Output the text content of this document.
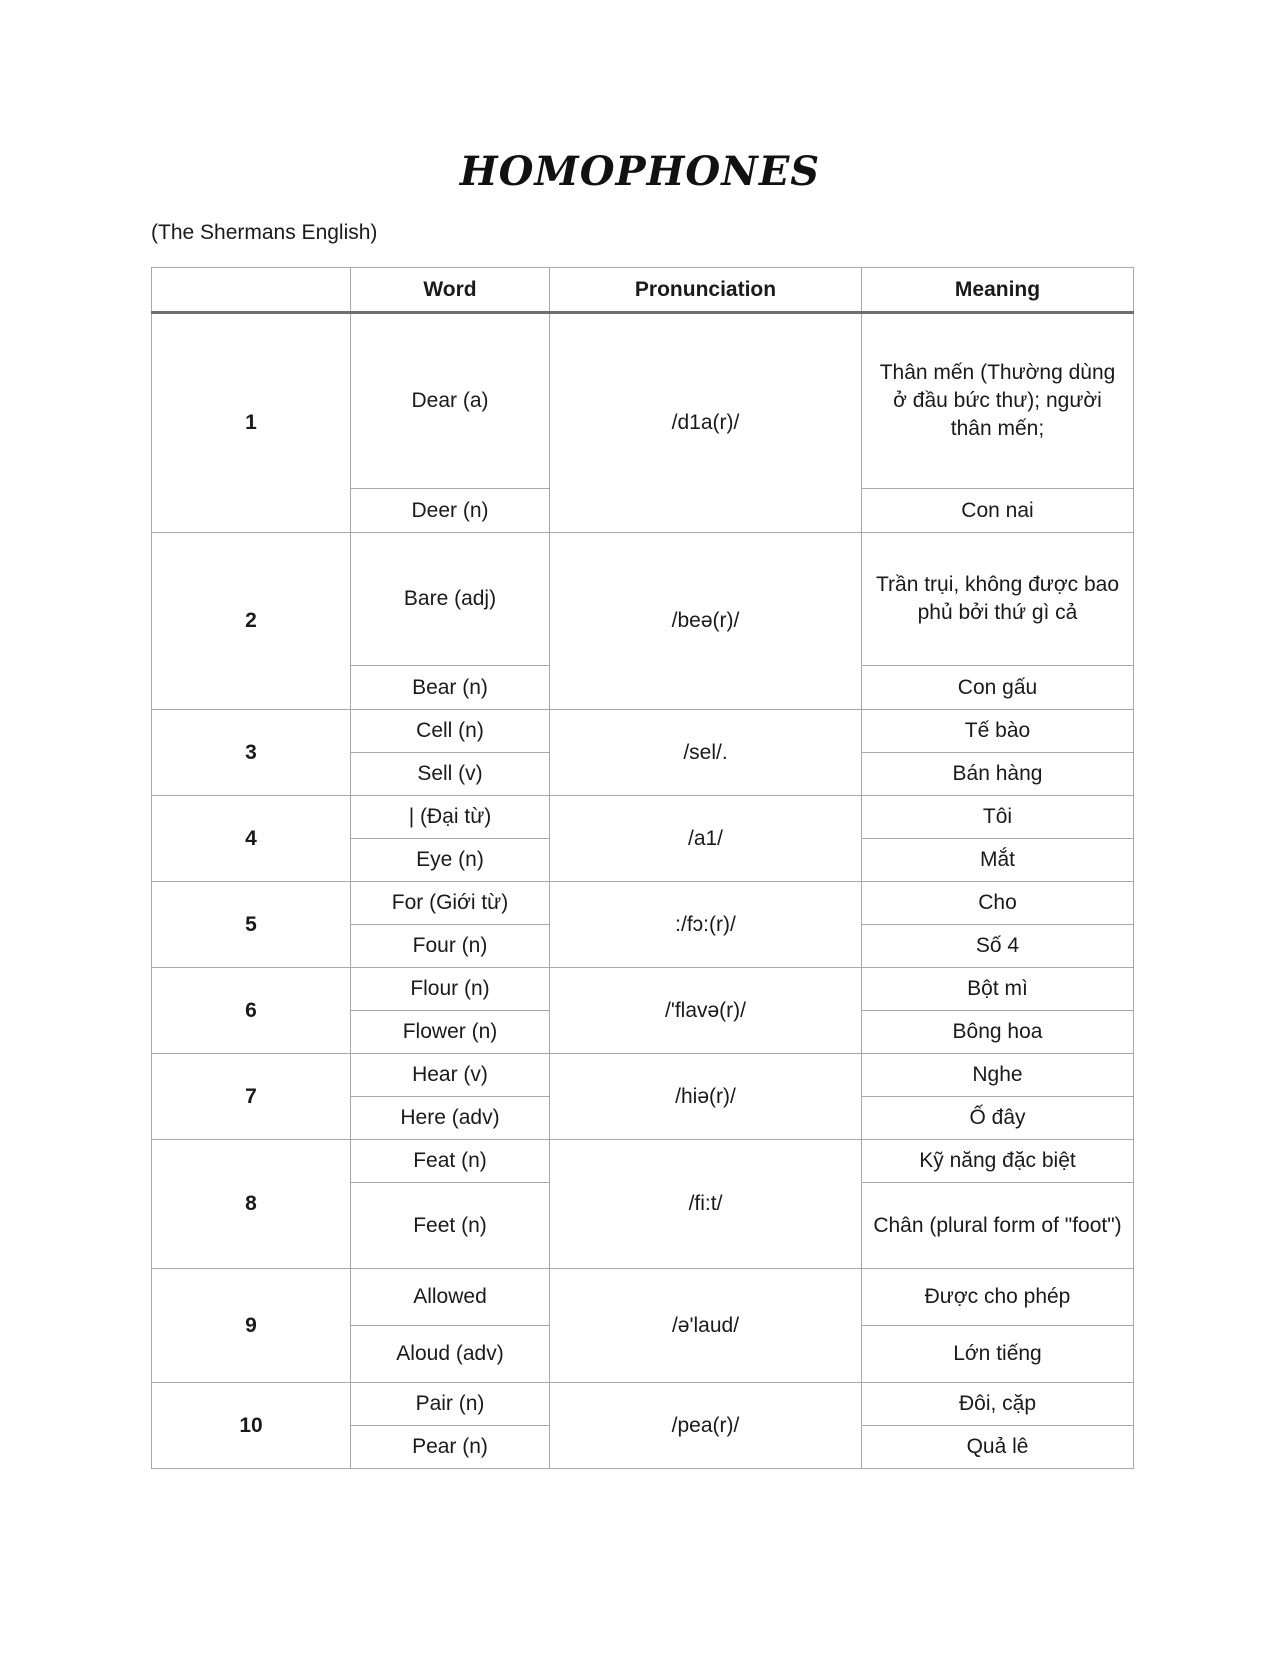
HOMOPHONES
(The Shermans English)
	Word	Pronunciation	Meaning
1	Dear (a)	/d1a(r)/	Thân mến (Thường dùng ở đầu bức thư); người thân mến;
	Deer (n)		Con nai
2	Bare (adj)	/beə(r)/	Trần trụi, không được bao phủ bởi thứ gì cả
	Bear (n)		Con gấu
3	Cell (n)	/sel/.	Tế bào
	Sell (v)		Bán hàng
4	| (Đại từ)	/a1/	Tôi
	Eye (n)		Mắt
5	For (Giới từ)	:/fɔ:(r)/	Cho
	Four (n)		Số 4
6	Flour (n)	/'flavə(r)/	Bột mì
	Flower (n)		Bông hoa
7	Hear (v)	/hiə(r)/	Nghe
	Here (adv)		Ố đây
8	Feat (n)	/fi:t/	Kỹ năng đặc biệt
	Feet (n)		Chân (plural form of "foot")
9	Allowed	/ə'laud/	Được cho phép
	Aloud (adv)		Lớn tiếng
10	Pair (n)	/pea(r)/	Đôi, cặp
	Pear (n)		Quả lê
